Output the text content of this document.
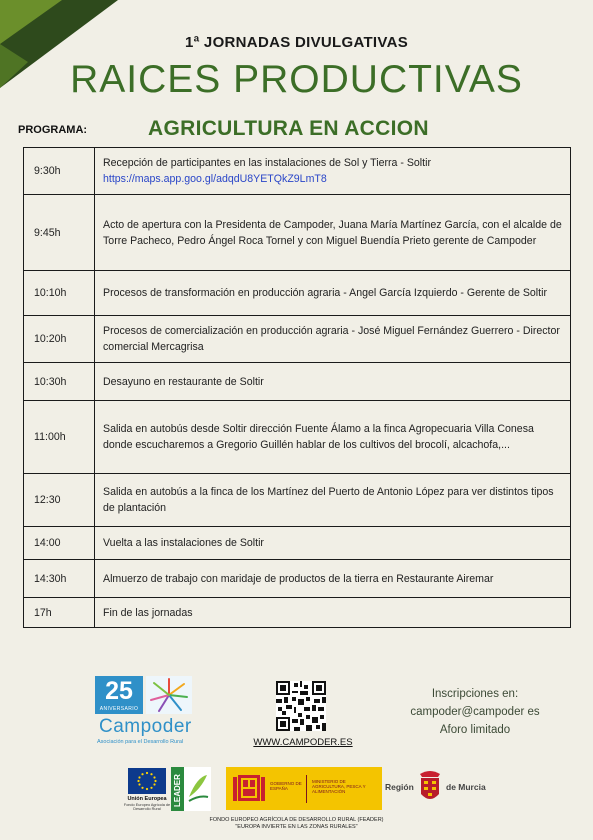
1ª JORNADAS DIVULGATIVAS
RAICES PRODUCTIVAS
PROGRAMA:	AGRICULTURA EN ACCION
9:30h	Recepción de participantes en las instalaciones de Sol y Tierra - Soltir
https://maps.app.goo.gl/adqdU8YETQkZ9LmT8
9:45h	Acto de apertura con la Presidenta de Campoder, Juana María Martínez García, con el alcalde de Torre Pacheco, Pedro Ángel Roca Tornel y con Miguel Buendía Prieto gerente de Campoder
10:10h	Procesos de transformación en producción agraria - Angel García Izquierdo - Gerente de Soltir
10:20h	Procesos de comercialización en producción agraria - José Miguel Fernández Guerrero - Director comercial Mercagrisa
10:30h	Desayuno en restaurante de Soltir
11:00h	Salida en autobús desde Soltir dirección Fuente Álamo a la finca Agropecuaria Villa Conesa donde escucharemos a Gregorio Guillén hablar de los cultivos del brocolí, alcachofa,...
12:30	Salida en autobús a la finca de los Martínez del Puerto de Antonio López para ver distintos tipos de plantación
14:00	Vuelta a las instalaciones de Soltir
14:30h	Almuerzo de trabajo con maridaje de productos de la tierra en Restaurante Airemar
17h	Fin de las jornadas
25
ANIVERSARIO
Campoder
Asociación para el Desarrollo Rural	WWW.CAMPODER.ES
Inscripciones en:
campoder@campoder es
Aforo limitado
Unión Europea
Fondo Europeo Agrícola de Desarrollo Rural
LEADER	GOBIERNO DE ESPAÑA
MINISTERIO DE AGRICULTURA, PESCA Y ALIMENTACIÓN	Región	de Murcia
FONDO EUROPEO AGRÍCOLA DE DESARROLLO RURAL (FEADER)
"EUROPA INVIERTE EN LAS ZONAS RURALES"
